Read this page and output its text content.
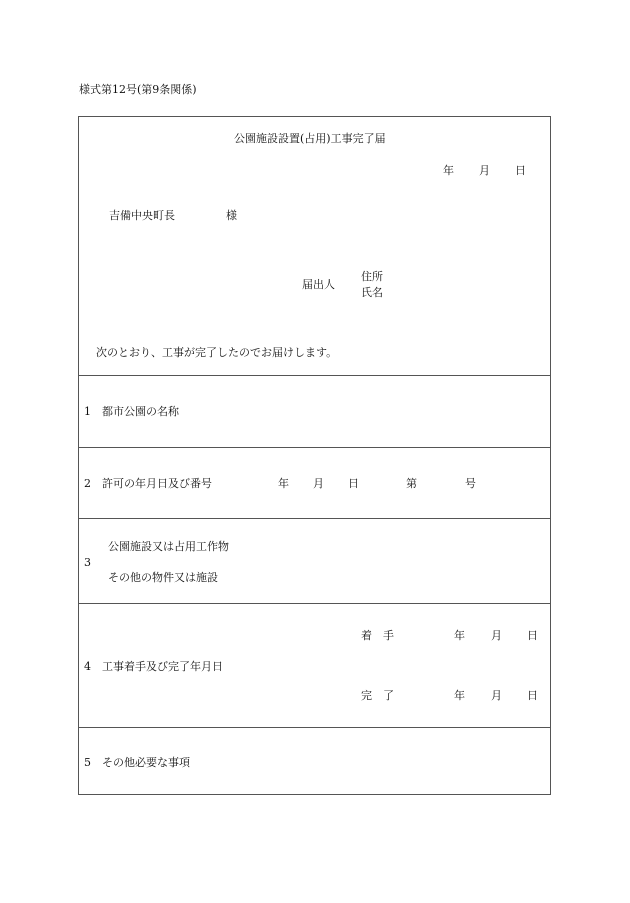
様式第12号(第9条関係)
公園施設設置(占用)工事完了届
年 月 日
吉備中央町長	様
届出人
住所
氏名
次のとおり、工事が完了したのでお届けします。
1 都市公園の名称
2 許可の年月日及び番号	年 月 日	第	号
3
公園施設又は占用工作物
その他の物件又は施設
4 工事着手及び完了年月日
着　手	年 月 日
完　了	年 月 日
5 その他必要な事項
